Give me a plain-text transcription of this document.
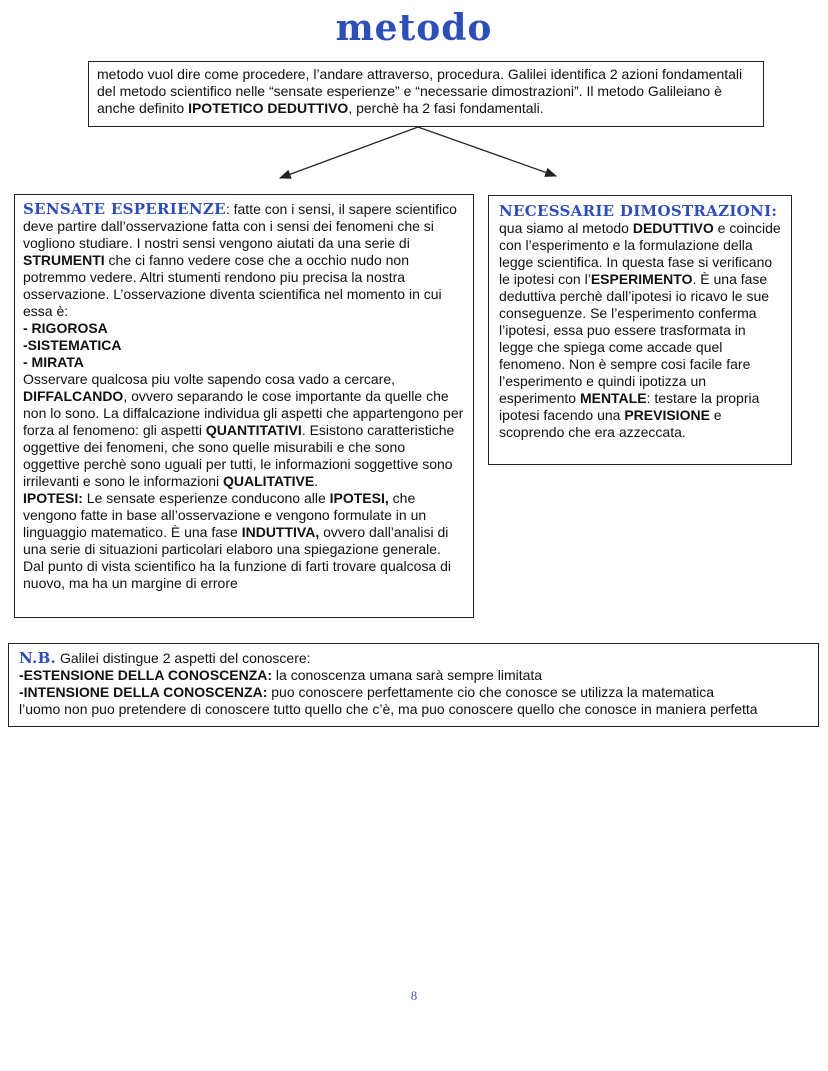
metodo

metodo vuol dire come procedere, l’andare attraverso, procedura. Galilei identifica 2 azioni fondamentali del metodo scientifico nelle “sensate esperienze” e “necessarie dimostrazioni”. Il metodo Galileiano è anche definito IPOTETICO DEDUTTIVO, perchè ha 2 fasi fondamentali.

SENSATE ESPERIENZE: fatte con i sensi, il sapere scientifico deve partire dall’osservazione fatta con i sensi dei fenomeni che si vogliono studiare. I nostri sensi vengono aiutati da una serie di STRUMENTI che ci fanno vedere cose che a occhio nudo non potremmo vedere. Altri stumenti rendono piu precisa la nostra osservazione. L’osservazione diventa scientifica nel momento in cui essa è:

- RIGOROSA

-SISTEMATICA

- MIRATA

Osservare qualcosa piu volte sapendo cosa vado a cercare, DIFFALCANDO, ovvero separando le cose importante da quelle che non lo sono. La diffalcazione individua gli aspetti che appartengono per forza al fenomeno: gli aspetti QUANTITATIVI. Esistono caratteristiche oggettive dei fenomeni, che sono quelle misurabili e che sono oggettive perchè sono uguali per tutti, le informazioni soggettive sono irrilevanti e sono le informazioni QUALITATIVE.

IPOTESI: Le sensate esperienze conducono alle IPOTESI, che vengono fatte in base all’osservazione e vengono formulate in un linguaggio matematico. È una fase INDUTTIVA, ovvero dall’analisi di una serie di situazioni particolari elaboro una spiegazione generale. Dal punto di vista scientifico ha la funzione di farti trovare qualcosa di nuovo, ma ha un margine di errore

NECESSARIE DIMOSTRAZIONI:

qua siamo al metodo DEDUTTIVO e coincide con l’esperimento e la formulazione della legge scientifica. In questa fase si verificano le ipotesi con l’ESPERIMENTO. È una fase deduttiva perchè dall’ipotesi io ricavo le sue conseguenze. Se l’esperimento conferma l’ipotesi, essa puo essere trasformata in legge che spiega come accade quel fenomeno. Non è sempre cosi facile fare l’esperimento e quindi ipotizza un esperimento MENTALE: testare la propria ipotesi facendo una PREVISIONE e scoprendo che era azzeccata.

N.B. Galilei distingue 2 aspetti del conoscere:

-ESTENSIONE DELLA CONOSCENZA: la conoscenza umana sarà sempre limitata

-INTENSIONE DELLA CONOSCENZA: puo conoscere perfettamente cio che conosce se utilizza la matematica

l’uomo non puo pretendere di conoscere tutto quello che c’è, ma puo conoscere quello che conosce in maniera perfetta

8
